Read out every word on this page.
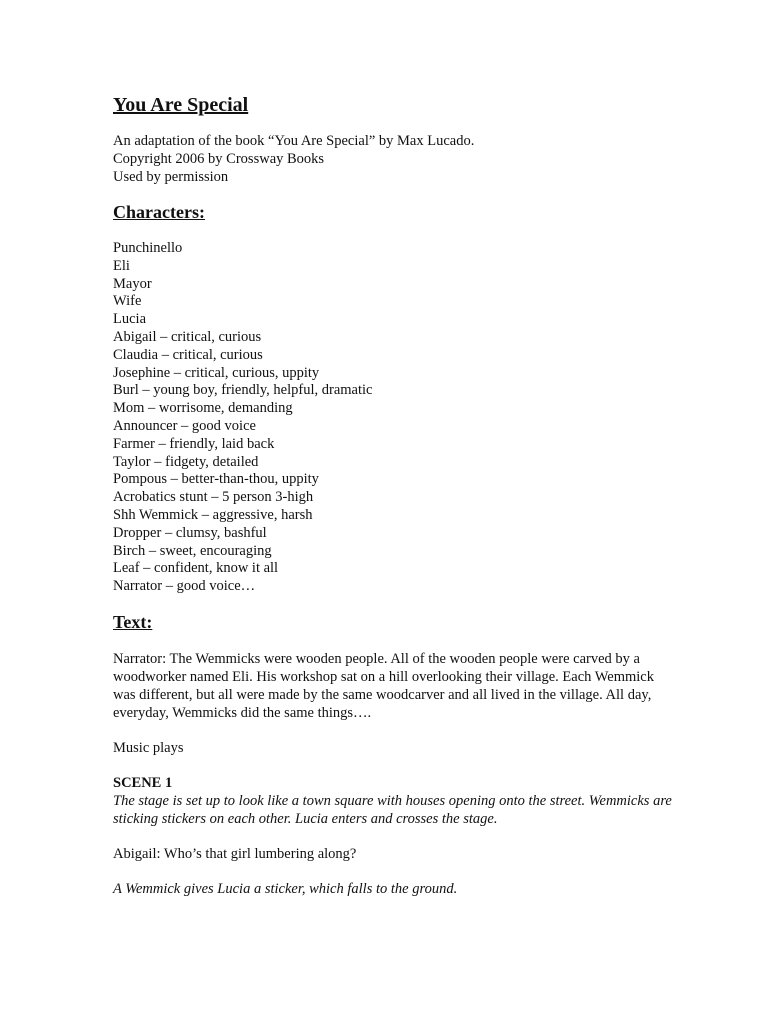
You Are Special

An adaptation of the book “You Are Special” by Max Lucado.

Copyright 2006 by Crossway Books

Used by permission

Characters:

Punchinello

Eli

Mayor

Wife

Lucia

Abigail – critical, curious

Claudia – critical, curious

Josephine – critical, curious, uppity

Burl – young boy, friendly, helpful, dramatic

Mom – worrisome, demanding

Announcer – good voice

Farmer – friendly, laid back

Taylor – fidgety, detailed

Pompous – better-than-thou, uppity

Acrobatics stunt – 5 person 3-high

Shh Wemmick – aggressive, harsh

Dropper – clumsy, bashful

Birch – sweet, encouraging

Leaf – confident, know it all

Narrator – good voice…

Text:

Narrator: The Wemmicks were wooden people. All of the wooden people were carved by a woodworker named Eli. His workshop sat on a hill overlooking their village. Each Wemmick was different, but all were made by the same woodcarver and all lived in the village. All day, everyday, Wemmicks did the same things….

Music plays

SCENE 1

The stage is set up to look like a town square with houses opening onto the street. Wemmicks are sticking stickers on each other. Lucia enters and crosses the stage.

Abigail: Who’s that girl lumbering along?

A Wemmick gives Lucia a sticker, which falls to the ground.
